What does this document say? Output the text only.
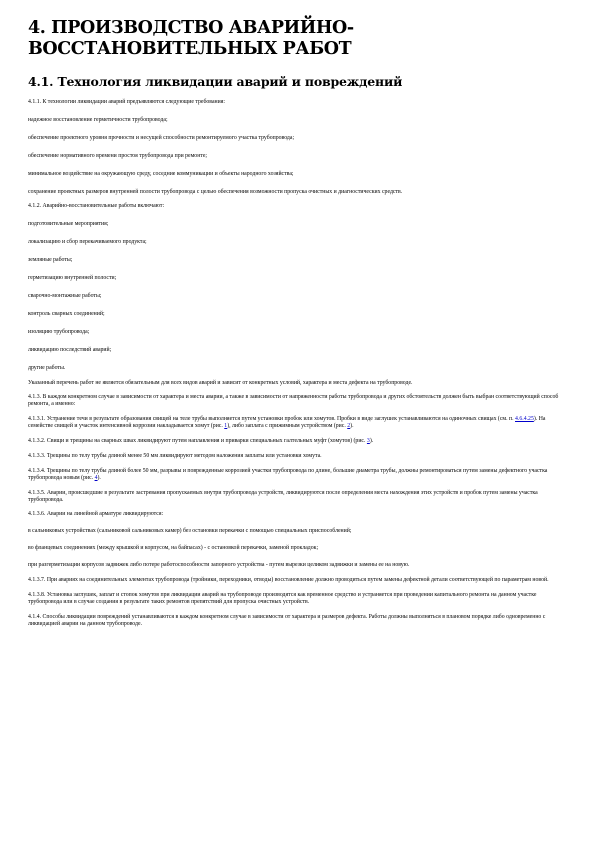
4. ПРОИЗВОДСТВО АВАРИЙНО-ВОССТАНОВИТЕЛЬНЫХ РАБОТ
4.1. Технология ликвидации аварий и повреждений

4.1.1. К технологии ликвидации аварий предъявляются следующие требования:

надежное восстановление герметичности трубопровода;

обеспечение проектного уровня прочности и несущей способности ремонтируемого участка трубопровода;

обеспечение нормативного времени простоя трубопровода при ремонте;

минимальное воздействие на окружающую среду, соседние коммуникации и объекты народного хозяйства;

сохранение проектных размеров внутренней полости трубопровода с целью обеспечения возможности пропуска очистных и диагностических средств.

4.1.2. Аварийно-восстановительные работы включают:

подготовительные мероприятия;

локализацию и сбор перекачиваемого продукта;

земляные работы;

герметизацию внутренней полости;

сварочно-монтажные работы;

контроль сварных соединений;

изоляцию трубопровода;

ликвидацию последствий аварий;

другие работы.

Указанный перечень работ не является обязательным для всех видов аварий и зависит от конкретных условий, характера и места дефекта на трубопроводе.

4.1.3. В каждом конкретном случае в зависимости от характера и места аварии, а также в зависимости от напряженности работы трубопровода и других обстоятельств должен быть выбран соответствующий способ ремонта, а именно:

4.1.3.1. Устранение течи в результате образования свищей на теле трубы выполняется путем установки пробок или хомутов. Пробки в виде заглушек устанавливаются на одиночных свищах (см. п. 4.6.4.25). На семействе свищей и участок интенсивной коррозии накладывается хомут (рис. 1), либо заплата с прижимным устройством (рис. 2).

4.1.3.2. Свищи и трещины на сварных швах ликвидируют путем наплавления и приварки специальных галтельных муфт (хомутов) (рис. 3).

4.1.3.3. Трещины по телу трубы длиной менее 50 мм ликвидируют методом наложения заплаты или установки хомута.

4.1.3.4. Трещины по телу трубы длиной более 50 мм, разрывы и поврежденные коррозией участки трубопровода по длине, большие диаметра трубы, должны ремонтироваться путем замены дефектного участка трубопровода новым (рис. 4).

4.1.3.5. Аварии, происшедшие в результате застревания пропускаемых внутри трубопровода устройств, ликвидируются после определения места нахождения этих устройств и пробок путем замены участка трубопровода.

4.1.3.6. Аварии на линейной арматуре ликвидируются:

в сальниковых устройствах (сальниковой сальниковых камер) без остановки перекачки с помощью специальных приспособлений;

во фланцевых соединениях (между крышкой и корпусом, на байпасах) - с остановкой перекачки, заменой прокладок;

при разгерметизации корпусов задвижек либо потере работоспособности запорного устройства - путем вырезки целиком задвижки и замены ее на новую.

4.1.3.7. При авариях на соединительных элементах трубопровода (тройники, переходники, отводы) восстановление должно проводиться путем замены дефектной детали соответствующей по параметрам новой.

4.1.3.8. Установка заглушек, заплат и стопок хомутов при ликвидации аварий на трубопроводе производятся как временное средство и устраняется при проведении капитального ремонта на данном участке трубопровода или в случае создания в результате таких ремонтов препятствий для пропуска очистных устройств.

4.1.4. Способы ликвидации повреждений устанавливаются в каждом конкретном случае в зависимости от характера и размеров дефекта. Работы должны выполняться в плановом порядке либо одновременно с ликвидацией аварии на данном трубопроводе.
